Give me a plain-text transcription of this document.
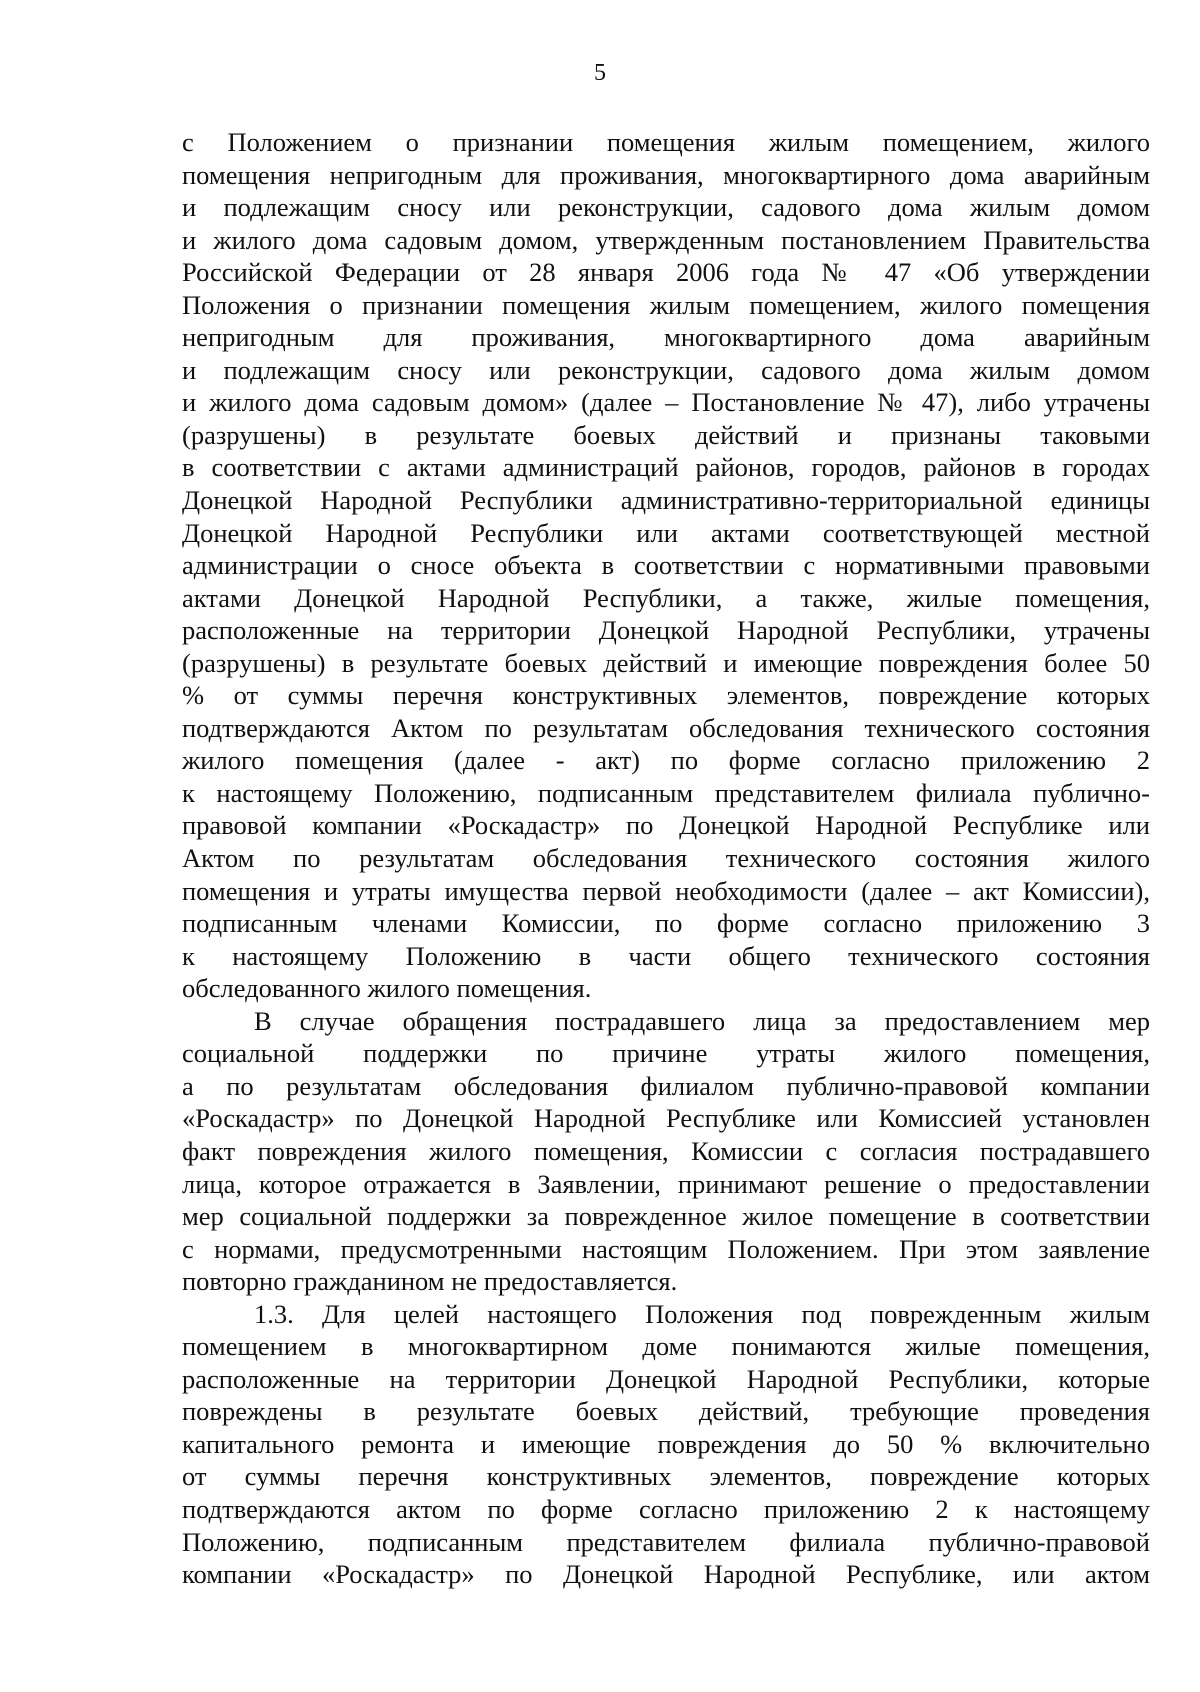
5
с Положением о признании помещения жилым помещением, жилого
помещения непригодным для проживания, многоквартирного дома аварийным
и подлежащим сносу или реконструкции, садового дома жилым домом
и жилого дома садовым домом, утвержденным постановлением Правительства
Российской Федерации от 28 января 2006 года № 47 «Об утверждении
Положения о признании помещения жилым помещением, жилого помещения
непригодным для проживания, многоквартирного дома аварийным
и подлежащим сносу или реконструкции, садового дома жилым домом
и жилого дома садовым домом» (далее – Постановление № 47), либо утрачены
(разрушены) в результате боевых действий и признаны таковыми
в соответствии с актами администраций районов, городов, районов в городах
Донецкой Народной Республики административно-территориальной единицы
Донецкой Народной Республики или актами соответствующей местной
администрации о сносе объекта в соответствии с нормативными правовыми
актами Донецкой Народной Республики, а также, жилые помещения,
расположенные на территории Донецкой Народной Республики, утрачены
(разрушены) в результате боевых действий и имеющие повреждения более 50
% от суммы перечня конструктивных элементов, повреждение которых
подтверждаются Актом по результатам обследования технического состояния
жилого помещения (далее - акт) по форме согласно приложению 2
к настоящему Положению, подписанным представителем филиала публично-
правовой компании «Роскадастр» по Донецкой Народной Республике или
Актом по результатам обследования технического состояния жилого
помещения и утраты имущества первой необходимости (далее – акт Комиссии),
подписанным членами Комиссии, по форме согласно приложению 3
к настоящему Положению в части общего технического состояния
обследованного жилого помещения.
В случае обращения пострадавшего лица за предоставлением мер
социальной поддержки по причине утраты жилого помещения,
а по результатам обследования филиалом публично-правовой компании
«Роскадастр» по Донецкой Народной Республике или Комиссией установлен
факт повреждения жилого помещения, Комиссии с согласия пострадавшего
лица, которое отражается в Заявлении, принимают решение о предоставлении
мер социальной поддержки за поврежденное жилое помещение в соответствии
с нормами, предусмотренными настоящим Положением. При этом заявление
повторно гражданином не предоставляется.
1.3. Для целей настоящего Положения под поврежденным жилым
помещением в многоквартирном доме понимаются жилые помещения,
расположенные на территории Донецкой Народной Республики, которые
повреждены в результате боевых действий, требующие проведения
капитального ремонта и имеющие повреждения до 50 % включительно
от суммы перечня конструктивных элементов, повреждение которых
подтверждаются актом по форме согласно приложению 2 к настоящему
Положению, подписанным представителем филиала публично-правовой
компании «Роскадастр» по Донецкой Народной Республике, или актом
